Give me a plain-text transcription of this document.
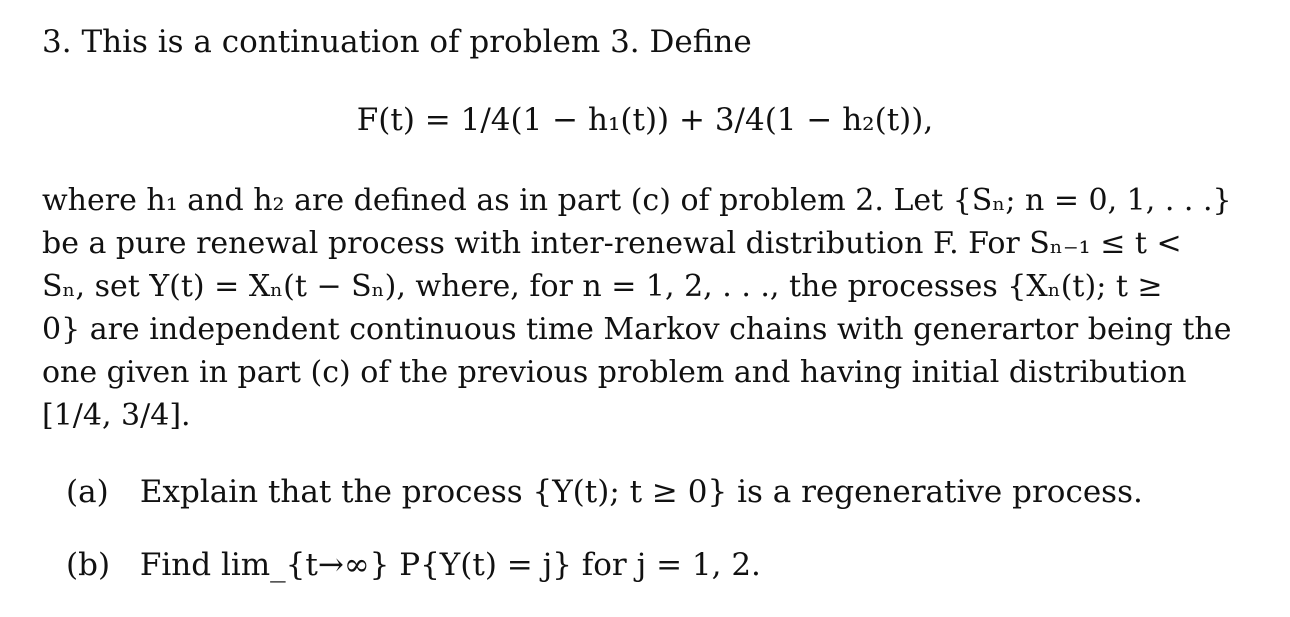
3. This is a continuation of problem 3. Define
F(t) = 1/4(1 − h₁(t)) + 3/4(1 − h₂(t)),
where h₁ and h₂ are defined as in part (c) of problem 2. Let {Sₙ; n = 0, 1, . . .}
be a pure renewal process with inter-renewal distribution F. For Sₙ₋₁ ≤ t <
Sₙ, set Y(t) = Xₙ(t − Sₙ), where, for n = 1, 2, . . ., the processes {Xₙ(t); t ≥
0} are independent continuous time Markov chains with generartor being the
one given in part (c) of the previous problem and having initial distribution
[1/4, 3/4].
(a) Explain that the process {Y(t); t ≥ 0} is a regenerative process.
(b) Find lim_{t→∞} P{Y(t) = j} for j = 1, 2.
